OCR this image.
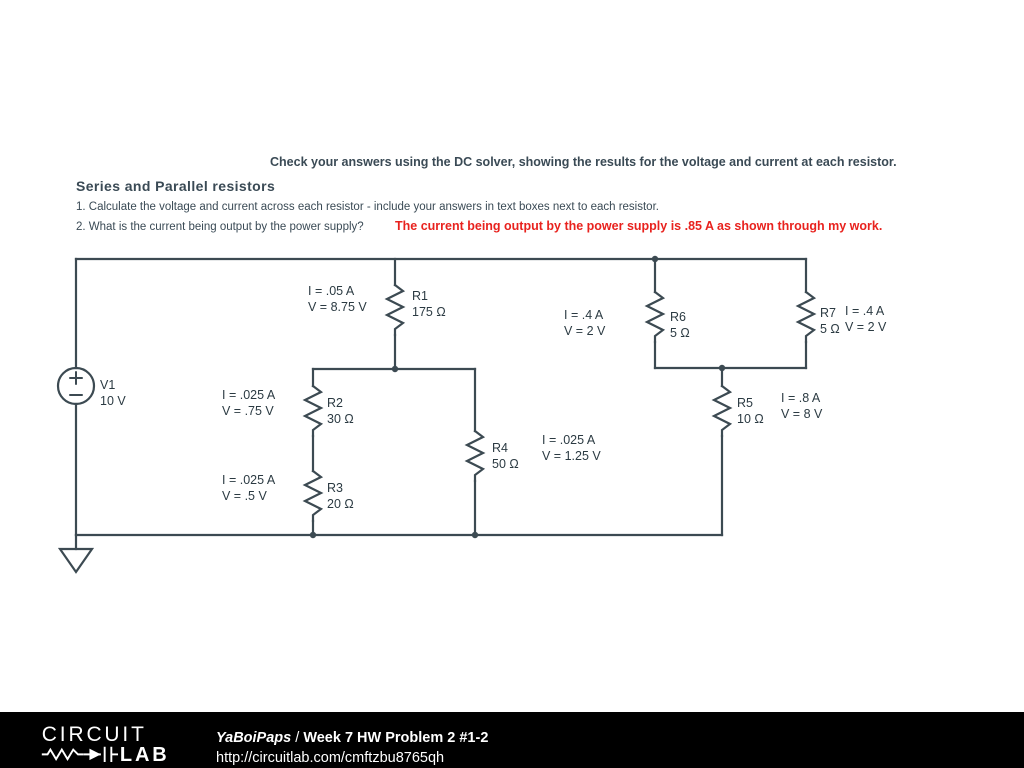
Check your answers using the DC solver, showing the results for the voltage and current at each resistor.
Series and Parallel resistors
1. Calculate the voltage and current across each resistor - include your answers in text boxes next to each resistor.
2. What is the current being output by the power supply?	The current being output by the power supply is .85 A as shown through my work.
V1
10 V
I = .05 A
V = 8.75 V
R1
175 Ω
I = .025 A
V = .75 V
R2
30 Ω
I = .025 A
V = .5 V
R3
20 Ω
R4
50 Ω
I = .025 A
V = 1.25 V
R5
10 Ω
I = .8 A
V = 8 V
I = .4 A
V = 2 V
R6
5 Ω
R7
5 Ω
I = .4 A
V = 2 V
CIRCUIT
LAB
YaBoiPaps / Week 7 HW Problem 2 #1-2
http://circuitlab.com/cmftzbu8765qh
